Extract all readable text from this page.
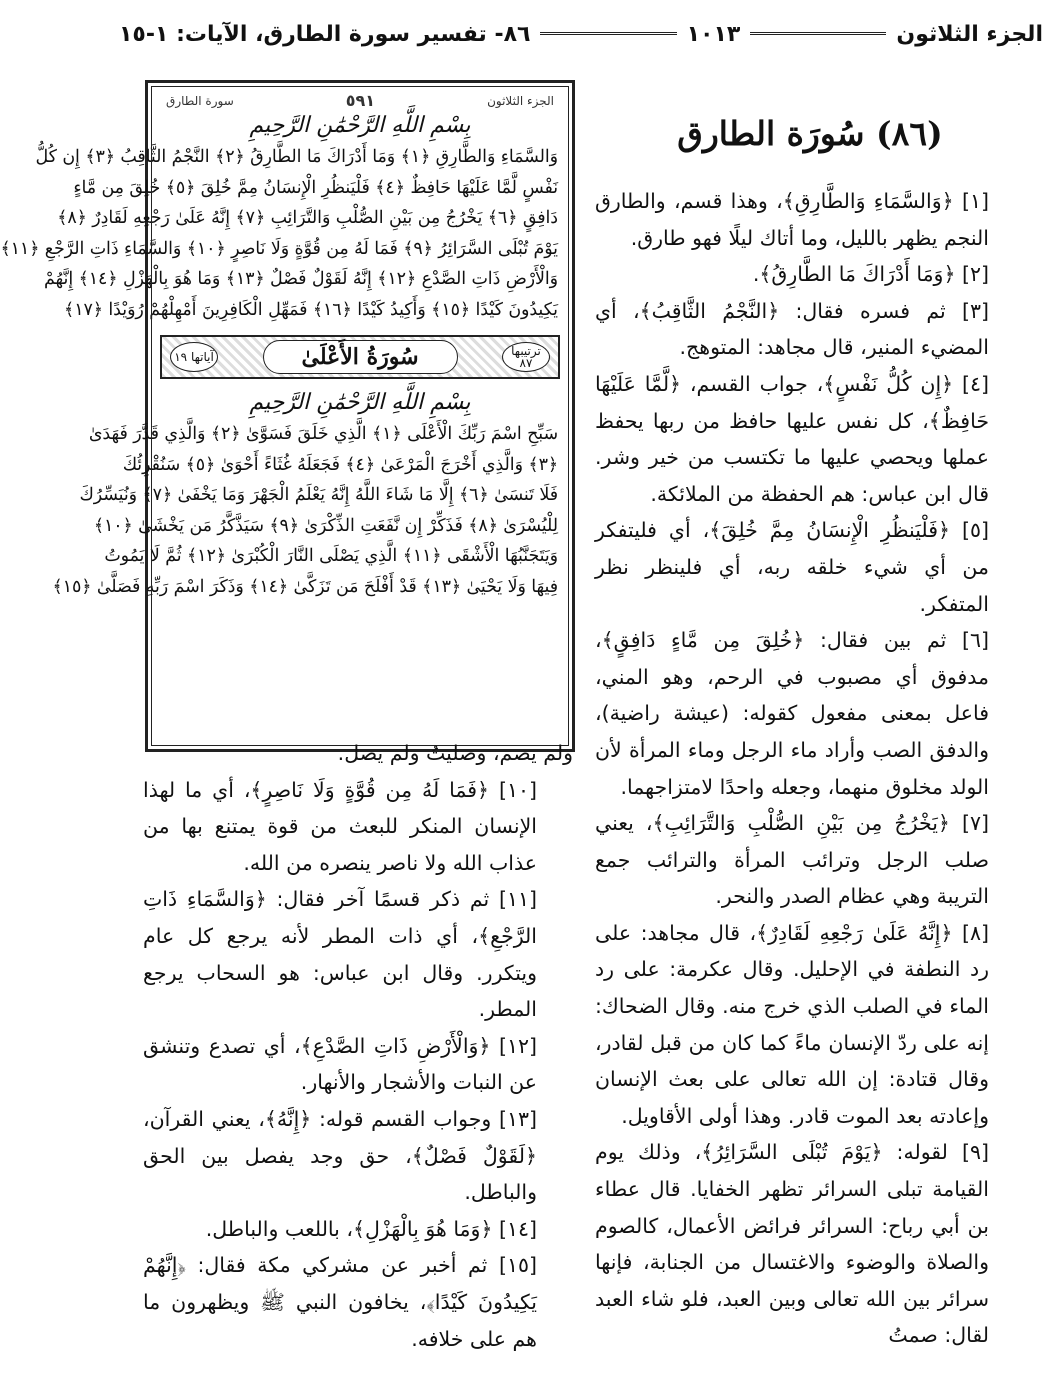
الجزء الثلاثون
١٠١٣
٨٦- تفسير سورة الطارق، الآيات: ١-١٥
(٨٦) سُورَة الطارق

[١] ﴿وَالسَّمَاءِ وَالطَّارِقِ﴾، وهذا قسم، والطارق النجم يظهر بالليل، وما أتاك ليلًا فهو طارق.

[٢] ﴿وَمَا أَدْرَاكَ مَا الطَّارِقُ﴾.

[٣] ثم فسره فقال: ﴿النَّجْمُ الثَّاقِبُ﴾، أي المضيء المنير، قال مجاهد: المتوهج.

[٤] ﴿إِن كُلُّ نَفْسٍ﴾، جواب القسم، ﴿لَّمَّا عَلَيْهَا حَافِظٌ﴾، كل نفس عليها حافظ من ربها يحفظ عملها ويحصي عليها ما تكتسب من خير وشر. قال ابن عباس: هم الحفظة من الملائكة.

[٥] ﴿فَلْيَنظُرِ الْإِنسَانُ مِمَّ خُلِقَ﴾، أي فليتفكر من أي شيء خلقه ربه، أي فلينظر نظر المتفكر.

[٦] ثم بين فقال: ﴿خُلِقَ مِن مَّاءٍ دَافِقٍ﴾، مدفوق أي مصبوب في الرحم، وهو المني، فاعل بمعنى مفعول كقوله: (عيشة راضية)، والدفق الصب وأراد ماء الرجل وماء المرأة لأن الولد مخلوق منهما، وجعله واحدًا لامتزاجهما.

[٧] ﴿يَخْرُجُ مِن بَيْنِ الصُّلْبِ وَالتَّرَائِبِ﴾، يعني صلب الرجل وترائب المرأة والترائب جمع التريبة وهي عظام الصدر والنحر.

[٨] ﴿إِنَّهُ عَلَىٰ رَجْعِهِ لَقَادِرٌ﴾، قال مجاهد: على رد النطفة في الإحليل. وقال عكرمة: على رد الماء في الصلب الذي خرج منه. وقال الضحاك: إنه على ردّ الإنسان ماءً كما كان من قبل لقادر، وقال قتادة: إن الله تعالى على بعث الإنسان وإعادته بعد الموت قادر. وهذا أولى الأقاويل.

[٩] لقوله: ﴿يَوْمَ تُبْلَى السَّرَائِرُ﴾، وذلك يوم القيامة تبلى السرائر تظهر الخفايا. قال عطاء بن أبي رباح: السرائر فرائض الأعمال، كالصوم والصلاة والوضوء والاغتسال من الجنابة، فإنها سرائر بين الله تعالى وبين العبد، فلو شاء العبد لقال: صمتُ

الجزء الثلاثون
٥٩١
سورة الطارق
بِسْمِ اللَّهِ الرَّحْمَٰنِ الرَّحِيمِ
وَالسَّمَاءِ وَالطَّارِقِ ﴿١﴾ وَمَا أَدْرَاكَ مَا الطَّارِقُ ﴿٢﴾ النَّجْمُ الثَّاقِبُ ﴿٣﴾ إِن كُلُّ
نَفْسٍ لَّمَّا عَلَيْهَا حَافِظٌ ﴿٤﴾ فَلْيَنظُرِ الْإِنسَانُ مِمَّ خُلِقَ ﴿٥﴾ خُلِقَ مِن مَّاءٍ
دَافِقٍ ﴿٦﴾ يَخْرُجُ مِن بَيْنِ الصُّلْبِ وَالتَّرَائِبِ ﴿٧﴾ إِنَّهُ عَلَىٰ رَجْعِهِ لَقَادِرٌ ﴿٨﴾
يَوْمَ تُبْلَى السَّرَائِرُ ﴿٩﴾ فَمَا لَهُ مِن قُوَّةٍ وَلَا نَاصِرٍ ﴿١٠﴾ وَالسَّمَاءِ ذَاتِ الرَّجْعِ ﴿١١﴾
وَالْأَرْضِ ذَاتِ الصَّدْعِ ﴿١٢﴾ إِنَّهُ لَقَوْلٌ فَصْلٌ ﴿١٣﴾ وَمَا هُوَ بِالْهَزْلِ ﴿١٤﴾ إِنَّهُمْ
يَكِيدُونَ كَيْدًا ﴿١٥﴾ وَأَكِيدُ كَيْدًا ﴿١٦﴾ فَمَهِّلِ الْكَافِرِينَ أَمْهِلْهُمْ رُوَيْدًا ﴿١٧﴾
ترتيبها ٨٧
سُورَةُ الأَعْلَىٰ
آياتها ١٩
بِسْمِ اللَّهِ الرَّحْمَٰنِ الرَّحِيمِ
سَبِّحِ اسْمَ رَبِّكَ الْأَعْلَى ﴿١﴾ الَّذِي خَلَقَ فَسَوَّىٰ ﴿٢﴾ وَالَّذِي قَدَّرَ فَهَدَىٰ
﴿٣﴾ وَالَّذِي أَخْرَجَ الْمَرْعَىٰ ﴿٤﴾ فَجَعَلَهُ غُثَاءً أَحْوَىٰ ﴿٥﴾ سَنُقْرِئُكَ
فَلَا تَنسَىٰ ﴿٦﴾ إِلَّا مَا شَاءَ اللَّهُ إِنَّهُ يَعْلَمُ الْجَهْرَ وَمَا يَخْفَىٰ ﴿٧﴾ وَنُيَسِّرُكَ
لِلْيُسْرَىٰ ﴿٨﴾ فَذَكِّرْ إِن نَّفَعَتِ الذِّكْرَىٰ ﴿٩﴾ سَيَذَّكَّرُ مَن يَخْشَىٰ ﴿١٠﴾
وَيَتَجَنَّبُهَا الْأَشْقَى ﴿١١﴾ الَّذِي يَصْلَى النَّارَ الْكُبْرَىٰ ﴿١٢﴾ ثُمَّ لَا يَمُوتُ
فِيهَا وَلَا يَحْيَىٰ ﴿١٣﴾ قَدْ أَفْلَحَ مَن تَزَكَّىٰ ﴿١٤﴾ وَذَكَرَ اسْمَ رَبِّهِ فَصَلَّىٰ ﴿١٥﴾

ولم يصم، وصليتُ ولم يصل.

[١٠] ﴿فَمَا لَهُ مِن قُوَّةٍ وَلَا نَاصِرٍ﴾، أي ما لهذا الإنسان المنكر للبعث من قوة يمتنع بها من عذاب الله ولا ناصر ينصره من الله.

[١١] ثم ذكر قسمًا آخر فقال: ﴿وَالسَّمَاءِ ذَاتِ الرَّجْعِ﴾، أي ذات المطر لأنه يرجع كل عام ويتكرر. وقال ابن عباس: هو السحاب يرجع المطر.

[١٢] ﴿وَالْأَرْضِ ذَاتِ الصَّدْعِ﴾، أي تصدع وتنشق عن النبات والأشجار والأنهار.

[١٣] وجواب القسم قوله: ﴿إِنَّهُ﴾، يعني القرآن، ﴿لَقَوْلٌ فَصْلٌ﴾، حق وجد يفصل بين الحق والباطل.

[١٤] ﴿وَمَا هُوَ بِالْهَزْلِ﴾، باللعب والباطل.

[١٥] ثم أخبر عن مشركي مكة فقال: ﴿إِنَّهُمْ يَكِيدُونَ كَيْدًا﴾، يخافون النبي ﷺ ويظهرون ما هم على خلافه.
